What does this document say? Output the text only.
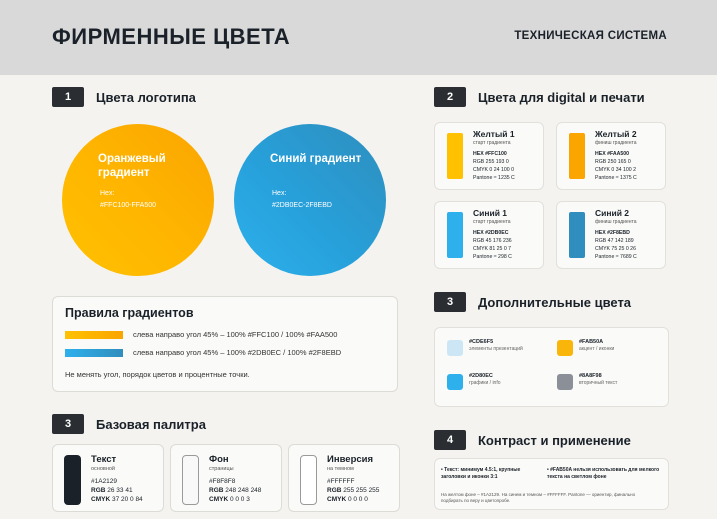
ФИРМЕННЫЕ ЦВЕТА	ТЕХНИЧЕСКАЯ СИСТЕМА
1	Цвета логотипа
Оранжевый градиент
Hex:
#FFC100-FFA500
Синий градиент
Hex:
#2DB0EC-2F8EBD
Правила градиентов
слева направо угол 45% – 100% #FFC100 / 100% #FAA500
слева направо угол 45% – 100% #2DB0EC / 100% #2F8EBD
Не менять угол, порядок цветов и процентные точки.
3	Базовая палитра
Текст
основной
#1A2129
RGB 26 33 41
CMYK 37 20 0 84
Фон
страницы
#F8F8F8
RGB 248 248 248
CMYK 0 0 0 3
Инверсия
на темном
#FFFFFF
RGB 255 255 255
CMYK 0 0 0 0
2	Цвета для digital и печати
Желтый 1
старт градиента
HEX #FFC100
RGB 255 193 0
CMYK 0 24 100 0
Pantone ≈ 1235 C
Желтый 2
финиш градиента
HEX #FAA500
RGB 250 165 0
CMYK 0 34 100 2
Pantone ≈ 1375 C
Синий 1
старт градиента
HEX #2DB0EC
RGB 45 176 236
CMYK 81 25 0 7
Pantone ≈ 298 C
Синий 2
финиш градиента
HEX #2F8EBD
RGB 47 142 189
CMYK 75 25 0 26
Pantone ≈ 7689 C
3	Дополнительные цвета
#CDE6F5
элементы презентаций
#FAB50A
акцент / иконки
#2D80EC
графики / info
#8A8F98
вторичный текст
4	Контраст и применение
• Текст: минимум 4.5:1, крупные заголовки и иконки 3:1
• #FAB50A нельзя использовать для мелкого текста на светлом фоне
На желтом фоне – #1A2129. На синем и темном – #FFFFFF. Pantone — ориентир, финально подбирать по веру и цветопробе.
